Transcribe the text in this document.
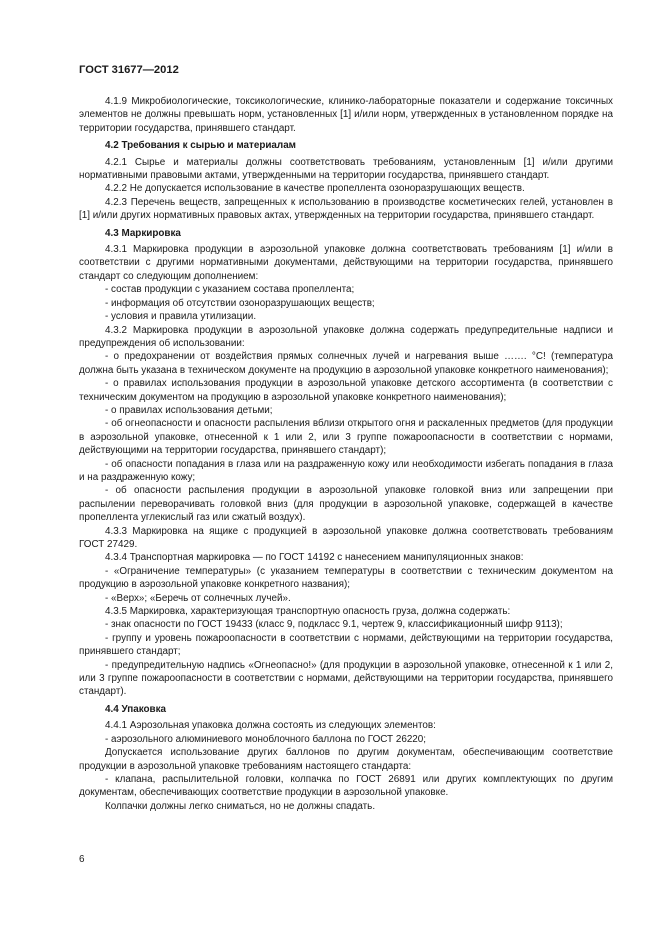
ГОСТ 31677—2012

4.1.9 Микробиологические, токсикологические, клинико-лабораторные показатели и содержание токсичных элементов не должны превышать норм, установленных [1] и/или норм, утвержденных в установленном порядке на территории государства, принявшего стандарт.

4.2 Требования к сырью и материалам

4.2.1 Сырье и материалы должны соответствовать требованиям, установленным [1] и/или другими нормативными правовыми актами, утвержденными на территории государства, принявшего стандарт.

4.2.2 Не допускается использование в качестве пропеллента озоноразрушающих веществ.

4.2.3 Перечень веществ, запрещенных к использованию в производстве косметических гелей, установлен в [1] и/или других нормативных правовых актах, утвержденных на территории государства, принявшего стандарт.

4.3 Маркировка

4.3.1 Маркировка продукции в аэрозольной упаковке должна соответствовать требованиям [1] и/или в соответствии с другими нормативными документами, действующими на территории государства, принявшего стандарт со следующим дополнением:

- состав продукции с указанием состава пропеллента;

- информация об отсутствии озоноразрушающих веществ;

- условия и правила утилизации.

4.3.2 Маркировка продукции в аэрозольной упаковке должна содержать предупредительные надписи и предупреждения об использовании:

- о предохранении от воздействия прямых солнечных лучей и нагревания выше ……. °С! (температура должна быть указана в техническом документе на продукцию в аэрозольной упаковке конкретного наименования);

- о правилах использования продукции в аэрозольной упаковке детского ассортимента (в соответствии с техническим документом на продукцию в аэрозольной упаковке конкретного наименования);

- о правилах использования детьми;

- об огнеопасности и опасности распыления вблизи открытого огня и раскаленных предметов (для продукции в аэрозольной упаковке, отнесенной к 1 или 2, или 3 группе пожароопасности в соответствии с нормами, действующими на территории государства, принявшего стандарт);

- об опасности попадания в глаза или на раздраженную кожу или необходимости избегать попадания в глаза и на раздраженную кожу;

- об опасности распыления продукции в аэрозольной упаковке головкой вниз или запрещении при распылении переворачивать головкой вниз (для продукции в аэрозольной упаковке, содержащей в качестве пропеллента углекислый газ или сжатый воздух).

4.3.3 Маркировка на ящике с продукцией в аэрозольной упаковке должна соответствовать требованиям ГОСТ 27429.

4.3.4 Транспортная маркировка — по ГОСТ 14192 с нанесением манипуляционных знаков:

- «Ограничение температуры» (с указанием температуры в соответствии с техническим документом на продукцию в аэрозольной упаковке конкретного названия);

- «Верх»; «Беречь от солнечных лучей».

4.3.5 Маркировка, характеризующая транспортную опасность груза, должна содержать:

- знак опасности по ГОСТ 19433 (класс 9, подкласс 9.1, чертеж 9, классификационный шифр 9113);

- группу и уровень пожароопасности в соответствии с нормами, действующими на территории государства, принявшего стандарт;

- предупредительную надпись «Огнеопасно!» (для продукции в аэрозольной упаковке, отнесенной к 1 или 2, или 3 группе пожароопасности в соответствии с нормами, действующими на территории государства, принявшего стандарт).

4.4 Упаковка

4.4.1 Аэрозольная упаковка должна состоять из следующих элементов:

- аэрозольного алюминиевого моноблочного баллона по ГОСТ 26220;

Допускается использование других баллонов по другим документам, обеспечивающим соответствие продукции в аэрозольной упаковке требованиям настоящего стандарта:

- клапана, распылительной головки, колпачка по ГОСТ 26891 или других комплектующих по другим документам, обеспечивающих соответствие продукции в аэрозольной упаковке.

Колпачки должны легко сниматься, но не должны спадать.

6
